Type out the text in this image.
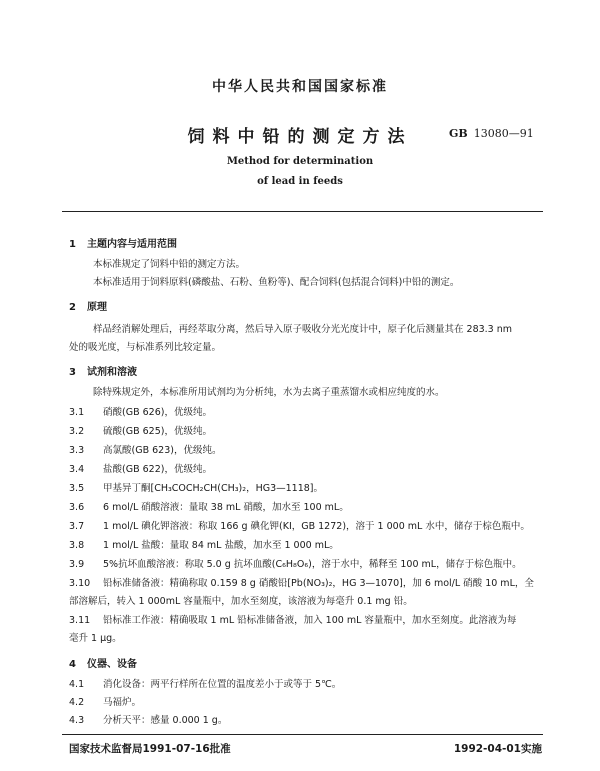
中华人民共和国国家标准
饲料中铅的测定方法	GB 13080—91
Method for determination
of lead in feeds
1 主题内容与适用范围
本标准规定了饲料中铅的测定方法。
本标准适用于饲料原料(磷酸盐、石粉、鱼粉等)、配合饲料(包括混合饲料)中铅的测定。
2 原理
样品经消解处理后，再经萃取分离，然后导入原子吸收分光光度计中，原子化后测量其在 283.3 nm
处的吸光度，与标准系列比较定量。
3 试剂和溶液
除特殊规定外，本标准所用试剂均为分析纯，水为去离子重蒸馏水或相应纯度的水。
3.1 硝酸(GB 626)，优级纯。
3.2 硫酸(GB 625)，优级纯。
3.3 高氯酸(GB 623)，优级纯。
3.4 盐酸(GB 622)，优级纯。
3.5 甲基异丁酮[CH₃COCH₂CH(CH₃)₂，HG3—1118]。
3.6 6 mol/L 硝酸溶液：量取 38 mL 硝酸，加水至 100 mL。
3.7 1 mol/L 碘化钾溶液：称取 166 g 碘化钾(KI，GB 1272)，溶于 1 000 mL 水中，储存于棕色瓶中。
3.8 1 mol/L 盐酸：量取 84 mL 盐酸，加水至 1 000 mL。
3.9 5%抗坏血酸溶液：称取 5.0 g 抗坏血酸(C₆H₈O₆)，溶于水中，稀释至 100 mL，储存于棕色瓶中。
3.10 铅标准储备液：精确称取 0.159 8 g 硝酸铅[Pb(NO₃)₂，HG 3—1070]，加 6 mol/L 硝酸 10 mL，全
部溶解后，转入 1 000mL 容量瓶中，加水至刻度，该溶液为每毫升 0.1 mg 铅。
3.11 铅标准工作液：精确吸取 1 mL 铅标准储备液，加入 100 mL 容量瓶中，加水至刻度。此溶液为每
毫升 1 μg。
4 仪器、设备
4.1 消化设备：两平行样所在位置的温度差小于或等于 5℃。
4.2 马福炉。
4.3 分析天平：感量 0.000 1 g。
国家技术监督局1991-07-16批准	1992-04-01实施
